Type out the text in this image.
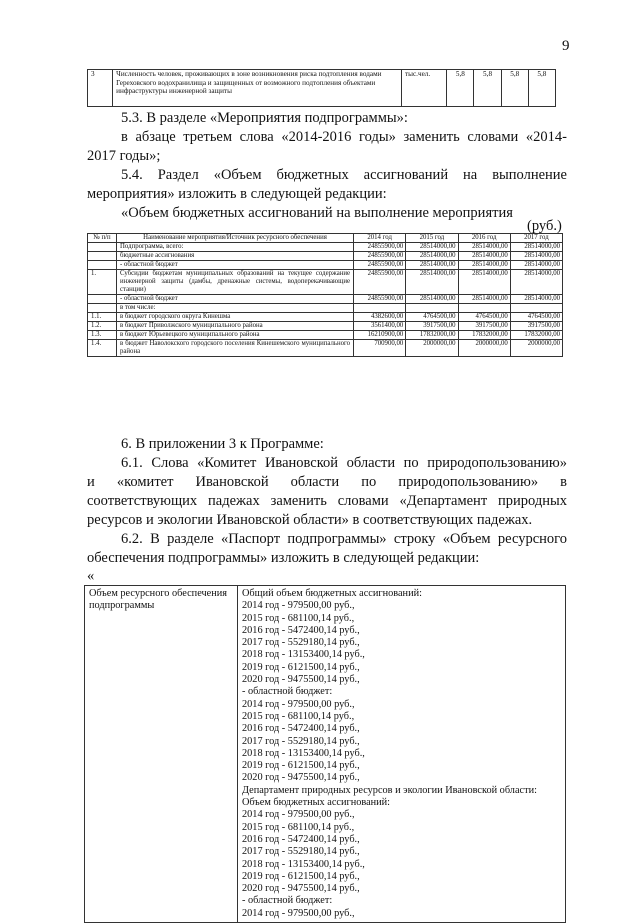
9
3	Численность человек, проживающих в зоне возникновения риска подтопления водами Гереховского водохранилища и защищенных от возможного подтопления объектами инфраструктуры инженерной защиты	тыс.чел.	5,8	5,8	5,8	5,8
5.3. В разделе «Мероприятия подпрограммы»:
в абзаце третьем слова «2014-2016 годы» заменить словами «2014-
2017 годы»;
5.4. Раздел «Объем бюджетных ассигнований на выполнение
мероприятия» изложить в следующей редакции:
«Объем бюджетных ассигнований на выполнение мероприятия
(руб.)
№ п/п	Наименование мероприятия/Источник ресурсного обеспечения	2014 год	2015 год	2016 год	2017 год
	Подпрограмма, всего:	24855900,00	28514000,00	28514000,00	28514000,00
	бюджетные ассигнования	24855900,00	28514000,00	28514000,00	28514000,00
	- областной бюджет	24855900,00	28514000,00	28514000,00	28514000,00
1.	Субсидии бюджетам муниципальных образований на текущее содержание инженерной защиты (дамбы, дренажные системы, водоперекачивающие станции)	24855900,00	28514000,00	28514000,00	28514000,00
	- областной бюджет	24855900,00	28514000,00	28514000,00	28514000,00
	в том числе:				
1.1.	в бюджет городского округа Кинешма	4382600,00	4764500,00	4764500,00	4764500,00
1.2.	в бюджет Приволжского муниципального района	3561400,00	3917500,00	3917500,00	3917500,00
1.3.	в бюджет Юрьевецкого муниципального района	16210900,00	17832000,00	17832000,00	17832000,00
1.4.	в бюджет Наволокского городского поселения Кинешемского муниципального района	700900,00	2000000,00	2000000,00	2000000,00
6. В приложении 3 к Программе:
6.1. Слова «Комитет Ивановской области по природопользованию»
и «комитет Ивановской области по природопользованию» в
соответствующих падежах заменить словами «Департамент природных
ресурсов и экологии Ивановской области» в соответствующих падежах.
6.2. В разделе «Паспорт подпрограммы» строку «Объем ресурсного
обеспечения подпрограммы» изложить в следующей редакции:
«
Объем ресурсного обеспечения подпрограммы	
Общий объем бюджетных ассигнований:
2014 год - 979500,00 руб.,
2015 год - 681100,14 руб.,
2016 год - 5472400,14 руб.,
2017 год - 5529180,14 руб.,
2018 год - 13153400,14 руб.,
2019 год - 6121500,14 руб.,
2020 год - 9475500,14 руб.,
- областной бюджет:
2014 год - 979500,00 руб.,
2015 год - 681100,14 руб.,
2016 год - 5472400,14 руб.,
2017 год - 5529180,14 руб.,
2018 год - 13153400,14 руб.,
2019 год - 6121500,14 руб.,
2020 год - 9475500,14 руб.,
Департамент природных ресурсов и экологии Ивановской области:
Объем бюджетных ассигнований:
2014 год - 979500,00 руб.,
2015 год - 681100,14 руб.,
2016 год - 5472400,14 руб.,
2017 год - 5529180,14 руб.,
2018 год - 13153400,14 руб.,
2019 год - 6121500,14 руб.,
2020 год - 9475500,14 руб.,
- областной бюджет:
2014 год - 979500,00 руб.,
